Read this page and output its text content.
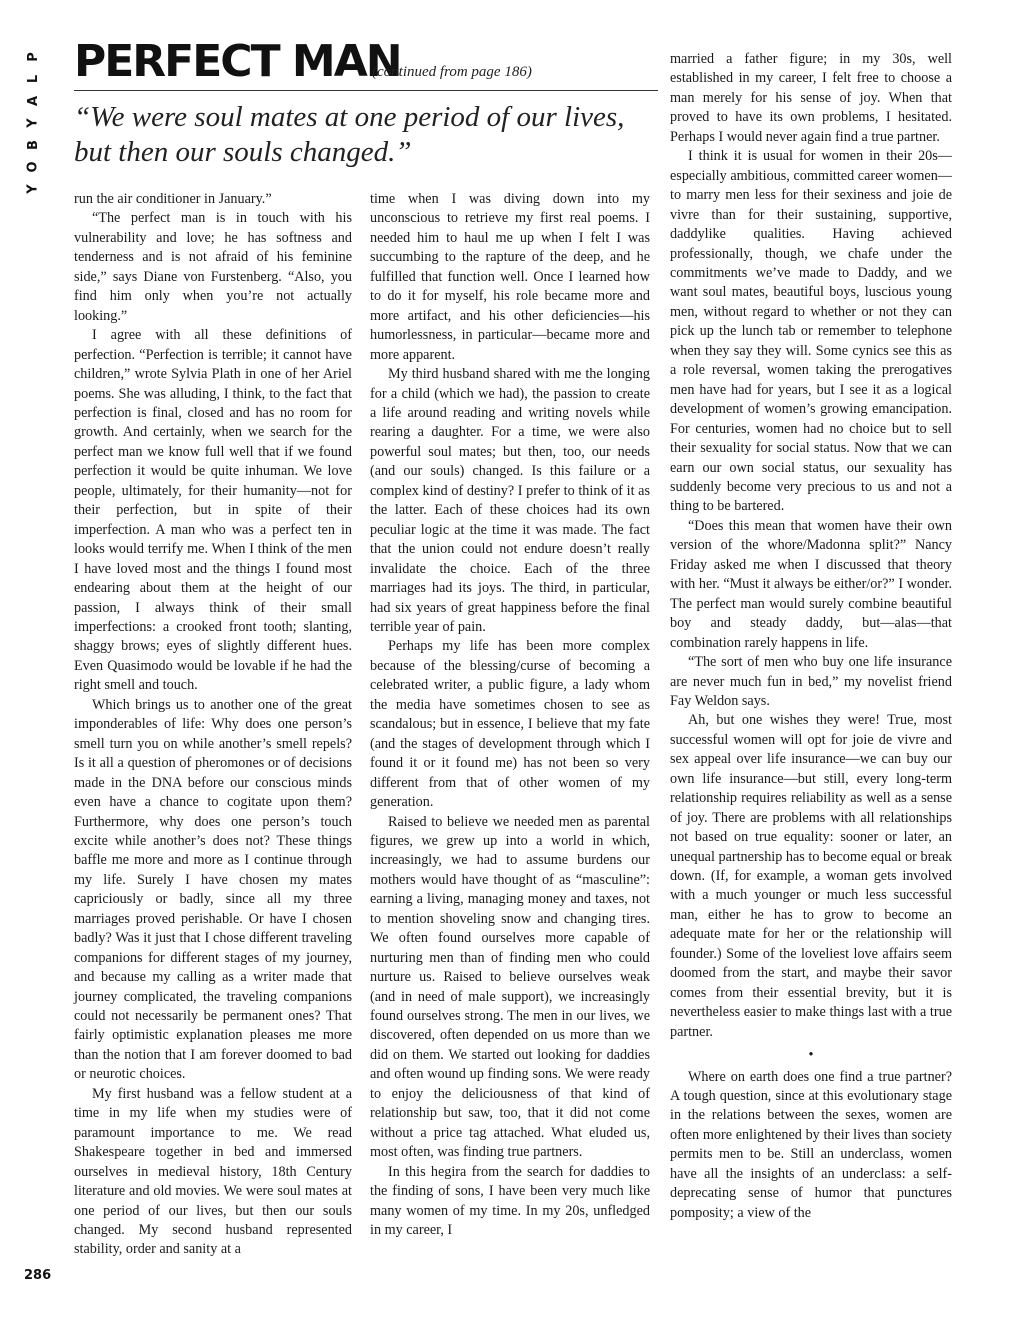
P
L
A
Y
B
O
Y
PERFECT MAN
(continued from page 186)
“We were soul mates at one period of our lives, but then our souls changed.”

run the air conditioner in January.”

“The perfect man is in touch with his vulnerability and love; he has softness and tenderness and is not afraid of his feminine side,” says Diane von Furstenberg. “Also, you find him only when you’re not actually looking.”

I agree with all these definitions of perfection. “Perfection is terrible; it cannot have children,” wrote Sylvia Plath in one of her Ariel poems. She was alluding, I think, to the fact that perfection is final, closed and has no room for growth. And certainly, when we search for the perfect man we know full well that if we found perfection it would be quite inhuman. We love people, ultimately, for their humanity—not for their perfection, but in spite of their imperfection. A man who was a perfect ten in looks would terrify me. When I think of the men I have loved most and the things I found most endearing about them at the height of our passion, I always think of their small imperfections: a crooked front tooth; slanting, shaggy brows; eyes of slightly different hues. Even Quasimodo would be lovable if he had the right smell and touch.

Which brings us to another one of the great imponderables of life: Why does one person’s smell turn you on while another’s smell repels? Is it all a question of pheromones or of decisions made in the DNA before our conscious minds even have a chance to cogitate upon them? Furthermore, why does one person’s touch excite while another’s does not? These things baffle me more and more as I continue through my life. Surely I have chosen my mates capriciously or badly, since all my three marriages proved perishable. Or have I chosen badly? Was it just that I chose different traveling companions for different stages of my journey, and because my calling as a writer made that journey complicated, the traveling companions could not necessarily be permanent ones? That fairly optimistic explanation pleases me more than the notion that I am forever doomed to bad or neurotic choices.

My first husband was a fellow student at a time in my life when my studies were of paramount importance to me. We read Shakespeare together in bed and immersed ourselves in medieval history, 18th Century literature and old movies. We were soul mates at one period of our lives, but then our souls changed. My second husband represented stability, order and sanity at a

time when I was diving down into my unconscious to retrieve my first real poems. I needed him to haul me up when I felt I was succumbing to the rapture of the deep, and he fulfilled that function well. Once I learned how to do it for myself, his role became more and more artifact, and his other deficiencies—his humorlessness, in particular—became more and more apparent.

My third husband shared with me the longing for a child (which we had), the passion to create a life around reading and writing novels while rearing a daughter. For a time, we were also powerful soul mates; but then, too, our needs (and our souls) changed. Is this failure or a complex kind of destiny? I prefer to think of it as the latter. Each of these choices had its own peculiar logic at the time it was made. The fact that the union could not endure doesn’t really invalidate the choice. Each of the three marriages had its joys. The third, in particular, had six years of great happiness before the final terrible year of pain.

Perhaps my life has been more complex because of the blessing/curse of becoming a celebrated writer, a public figure, a lady whom the media have sometimes chosen to see as scandalous; but in essence, I believe that my fate (and the stages of development through which I found it or it found me) has not been so very different from that of other women of my generation.

Raised to believe we needed men as parental figures, we grew up into a world in which, increasingly, we had to assume burdens our mothers would have thought of as “masculine”: earning a living, managing money and taxes, not to mention shoveling snow and changing tires. We often found ourselves more capable of nurturing men than of finding men who could nurture us. Raised to believe ourselves weak (and in need of male support), we increasingly found ourselves strong. The men in our lives, we discovered, often depended on us more than we did on them. We started out looking for daddies and often wound up finding sons. We were ready to enjoy the deliciousness of that kind of relationship but saw, too, that it did not come without a price tag attached. What eluded us, most often, was finding true partners.

In this hegira from the search for daddies to the finding of sons, I have been very much like many women of my time. In my 20s, unfledged in my career, I

married a father figure; in my 30s, well established in my career, I felt free to choose a man merely for his sense of joy. When that proved to have its own problems, I hesitated. Perhaps I would never again find a true partner.

I think it is usual for women in their 20s—especially ambitious, committed career women—to marry men less for their sexiness and joie de vivre than for their sustaining, supportive, daddylike qualities. Having achieved professionally, though, we chafe under the commitments we’ve made to Daddy, and we want soul mates, beautiful boys, luscious young men, without regard to whether or not they can pick up the lunch tab or remember to telephone when they say they will. Some cynics see this as a role reversal, women taking the prerogatives men have had for years, but I see it as a logical development of women’s growing emancipation. For centuries, women had no choice but to sell their sexuality for social status. Now that we can earn our own social status, our sexuality has suddenly become very precious to us and not a thing to be bartered.

“Does this mean that women have their own version of the whore/Madonna split?” Nancy Friday asked me when I discussed that theory with her. “Must it always be either/or?” I wonder. The perfect man would surely combine beautiful boy and steady daddy, but—alas—that combination rarely happens in life.

“The sort of men who buy one life insurance are never much fun in bed,” my novelist friend Fay Weldon says.

Ah, but one wishes they were! True, most successful women will opt for joie de vivre and sex appeal over life insurance—we can buy our own life insurance—but still, every long-term relationship requires reliability as well as a sense of joy. There are problems with all relationships not based on true equality: sooner or later, an unequal partnership has to become equal or break down. (If, for example, a woman gets involved with a much younger or much less successful man, either he has to grow to become an adequate mate for her or the relationship will founder.) Some of the loveliest love affairs seem doomed from the start, and maybe their savor comes from their essential brevity, but it is nevertheless easier to make things last with a true partner.

•

Where on earth does one find a true partner? A tough question, since at this evolutionary stage in the relations between the sexes, women are often more enlightened by their lives than society permits men to be. Still an underclass, women have all the insights of an underclass: a self-deprecating sense of humor that punctures pomposity; a view of the

286
